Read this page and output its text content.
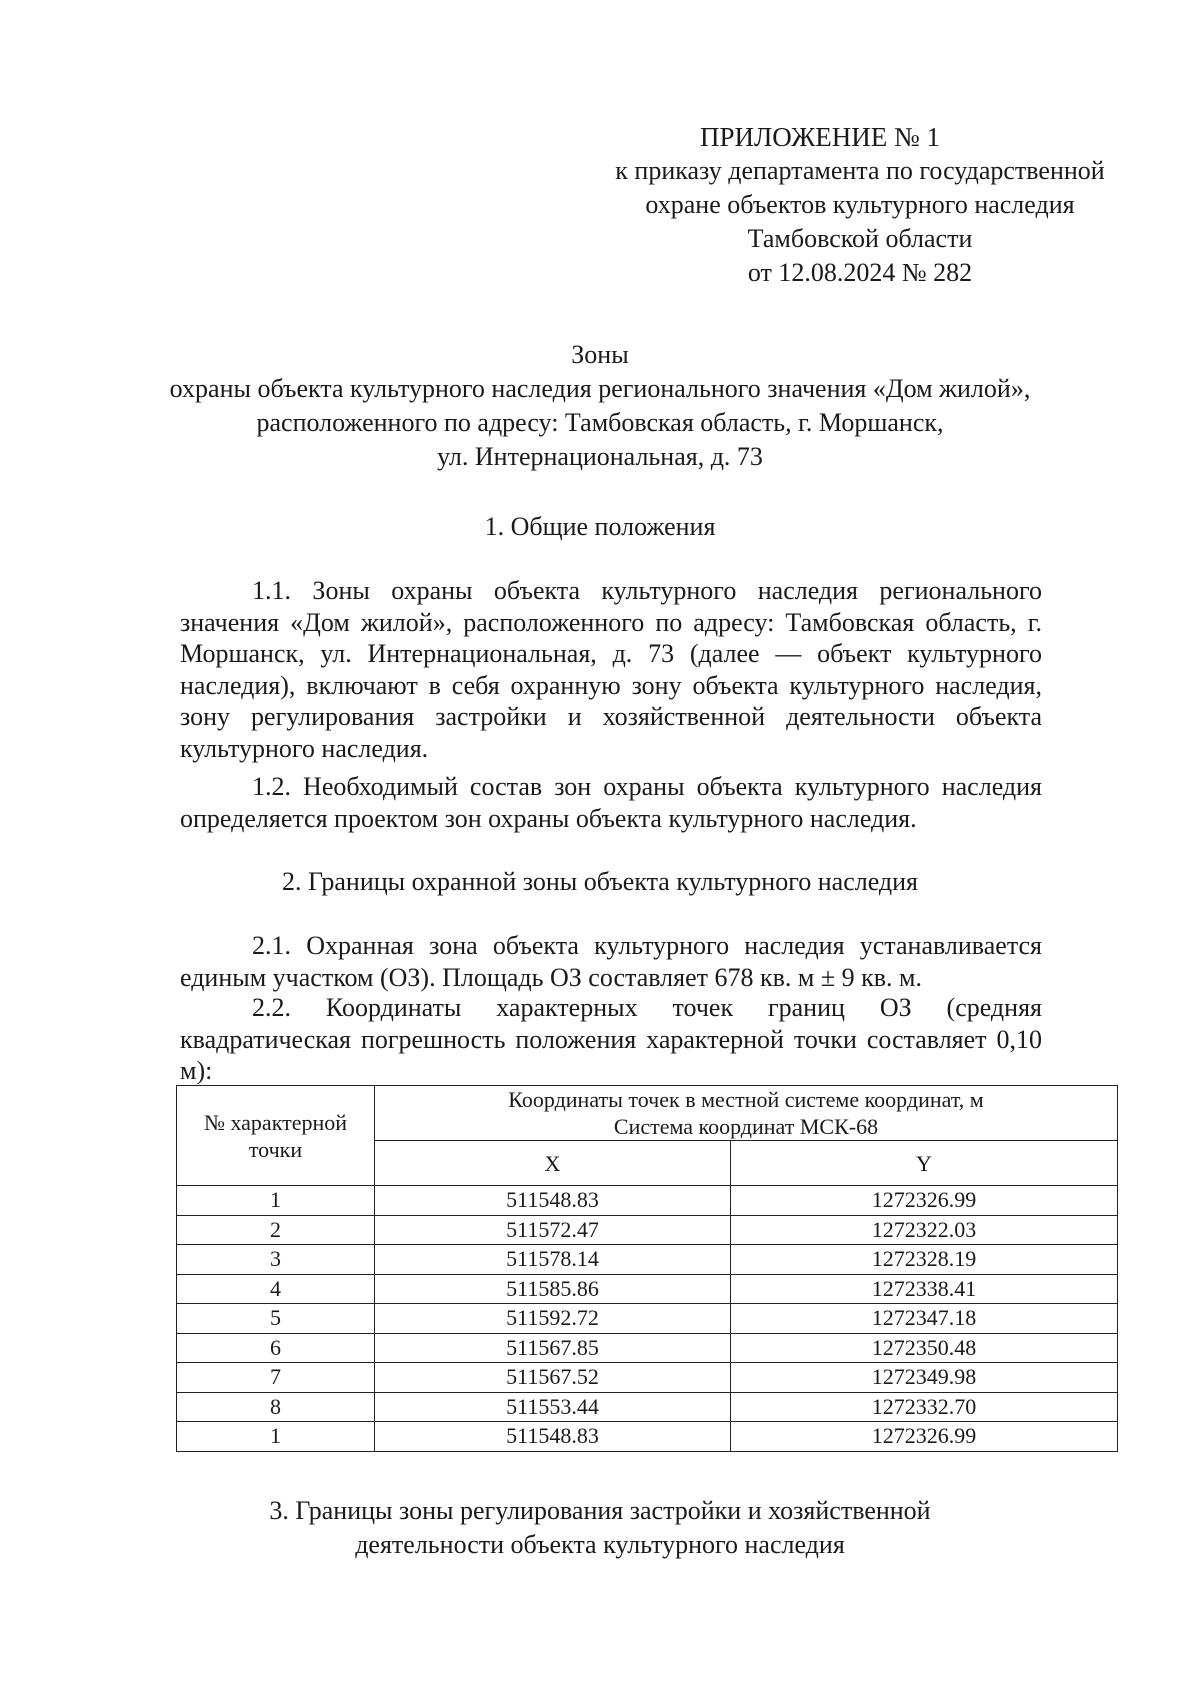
ПРИЛОЖЕНИЕ № 1
к приказу департамента по государственной
охране объектов культурного наследия
Тамбовской области
от 12.08.2024 № 282
Зоны
охраны объекта культурного наследия регионального значения «Дом жилой»,
расположенного по адресу: Тамбовская область, г. Моршанск,
ул. Интернациональная, д. 73
1. Общие положения
1.1. Зоны охраны объекта культурного наследия регионального значения «Дом жилой», расположенного по адресу: Тамбовская область, г. Моршанск, ул. Интернациональная, д. 73 (далее — объект культурного наследия), включают в себя охранную зону объекта культурного наследия, зону регулирования застройки и хозяйственной деятельности объекта культурного наследия.
1.2. Необходимый состав зон охраны объекта культурного наследия определяется проектом зон охраны объекта культурного наследия.
2. Границы охранной зоны объекта культурного наследия
2.1. Охранная зона объекта культурного наследия устанавливается единым участком (ОЗ). Площадь ОЗ составляет 678 кв. м ± 9 кв. м.
2.2. Координаты характерных точек границ ОЗ (средняя квадратическая погрешность положения характерной точки составляет 0,10 м):
№ характерной точки	Координаты точек в местной системе координат, м
Система координат МСК-68	

	X	Y
1	511548.83	1272326.99
2	511572.47	1272322.03
3	511578.14	1272328.19
4	511585.86	1272338.41
5	511592.72	1272347.18
6	511567.85	1272350.48
7	511567.52	1272349.98
8	511553.44	1272332.70
1	511548.83	1272326.99
3. Границы зоны регулирования застройки и хозяйственной
деятельности объекта культурного наследия
